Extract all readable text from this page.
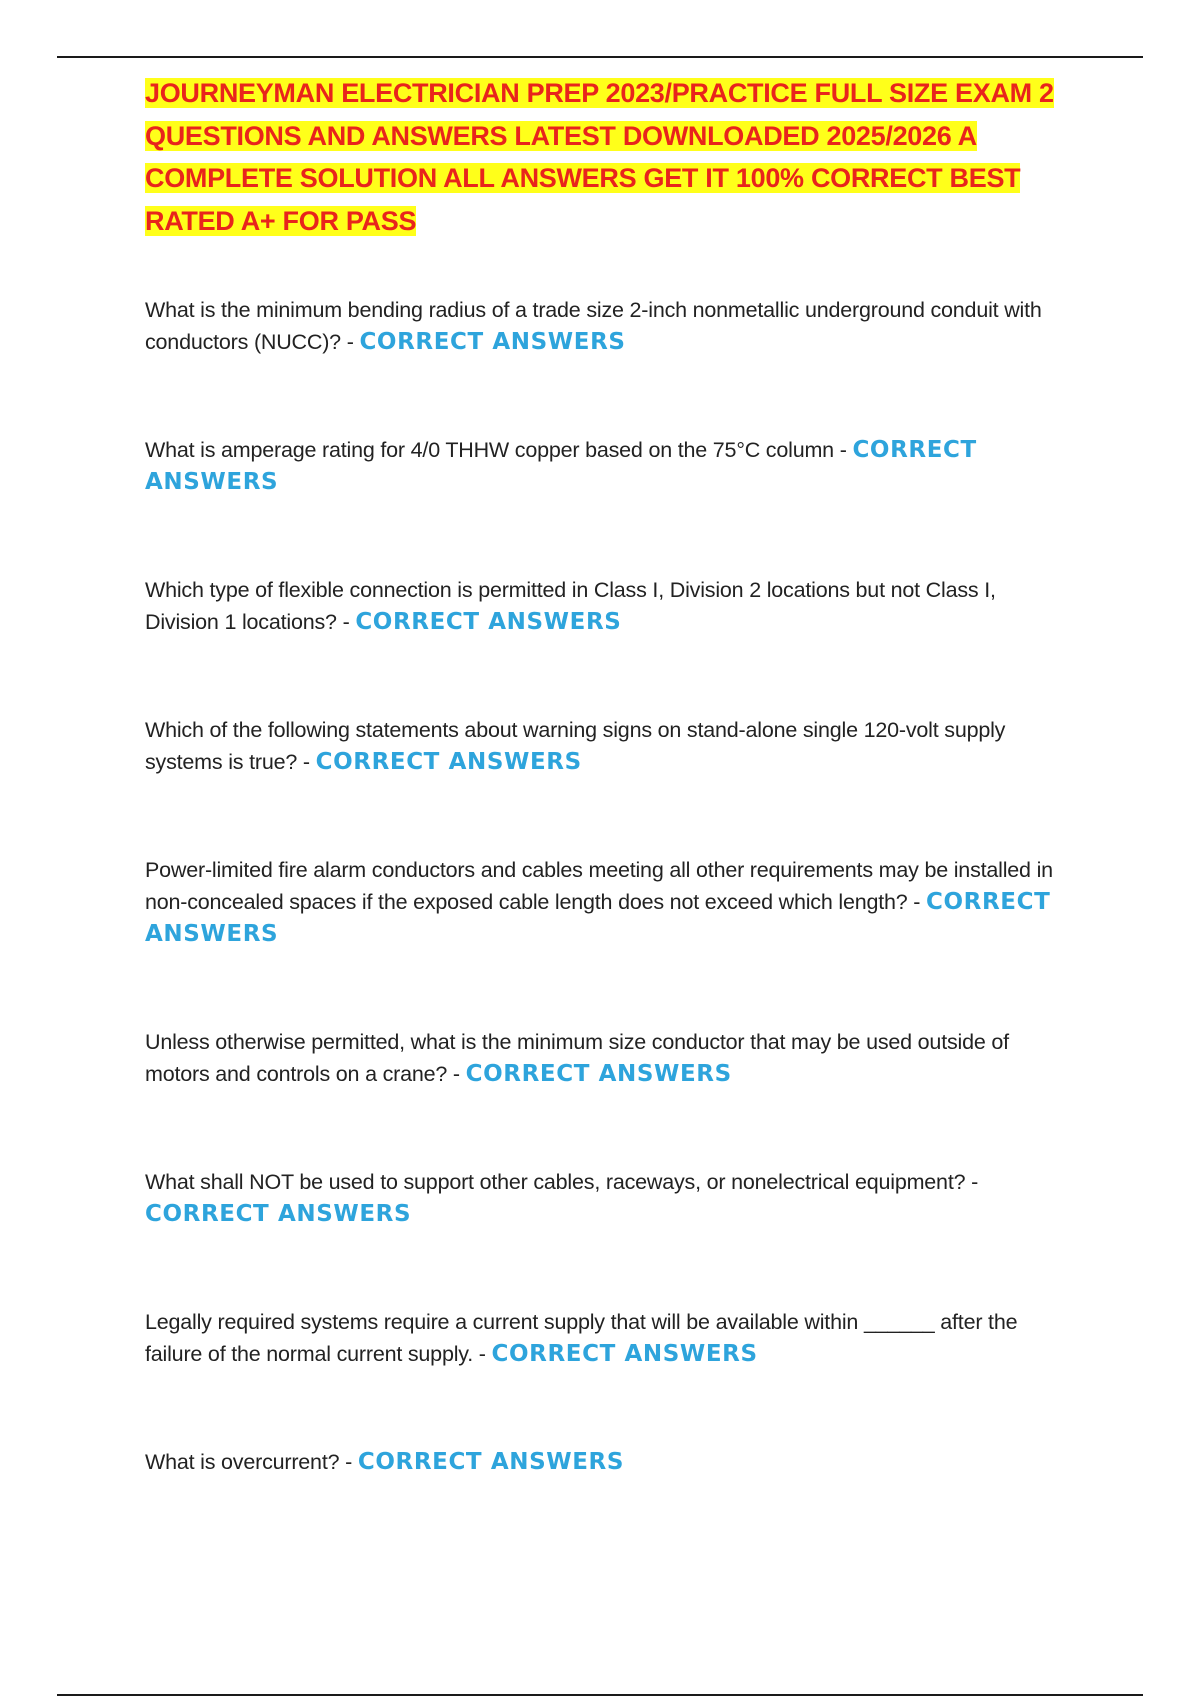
JOURNEYMAN ELECTRICIAN PREP 2023/PRACTICE FULL SIZE EXAM 2 QUESTIONS AND ANSWERS LATEST DOWNLOADED 2025/2026 A COMPLETE SOLUTION ALL ANSWERS GET IT 100% CORRECT BEST RATED A+ FOR PASS

What is the minimum bending radius of a trade size 2-inch nonmetallic underground conduit with conductors (NUCC)? - CORRECT ANSWERS

What is amperage rating for 4/0 THHW copper based on the 75°C column - CORRECT ANSWERS

Which type of flexible connection is permitted in Class I, Division 2 locations but not Class I, Division 1 locations? - CORRECT ANSWERS

Which of the following statements about warning signs on stand-alone single 120-volt supply systems is true? - CORRECT ANSWERS

Power-limited fire alarm conductors and cables meeting all other requirements may be installed in non-concealed spaces if the exposed cable length does not exceed which length? - CORRECT ANSWERS

Unless otherwise permitted, what is the minimum size conductor that may be used outside of motors and controls on a crane? - CORRECT ANSWERS

What shall NOT be used to support other cables, raceways, or nonelectrical equipment? - CORRECT ANSWERS

Legally required systems require a current supply that will be available within ______ after the failure of the normal current supply. - CORRECT ANSWERS

What is overcurrent? - CORRECT ANSWERS
